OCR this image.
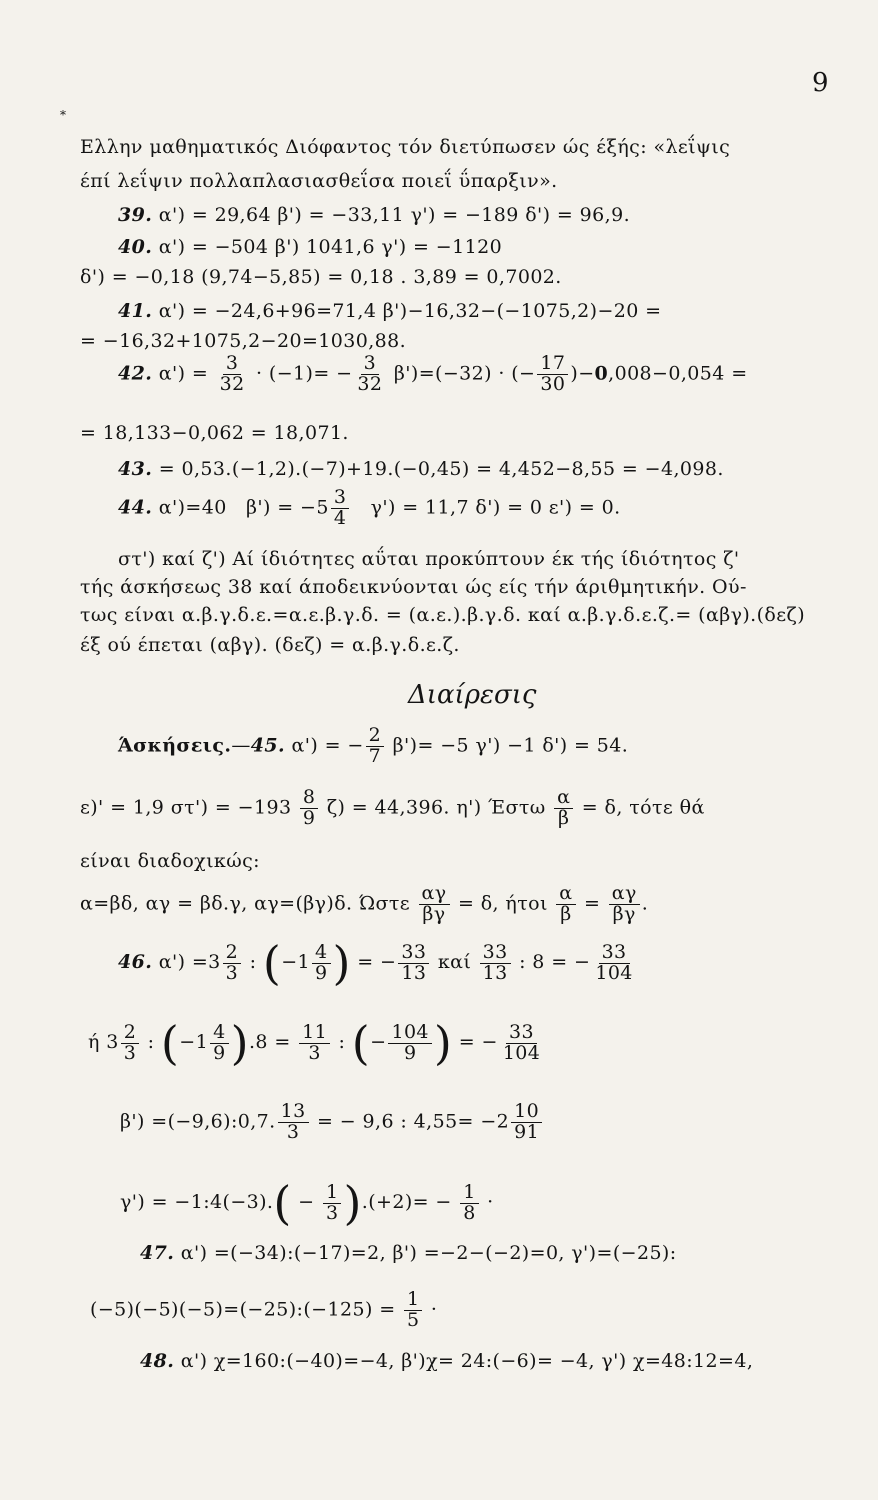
9
*
Ελλην μαθηματικός Διόφαντος τόν διετύπωσεν ώς έξής: «λεΐψις
έπί λεΐψιν πολλαπλασιασθεΐσα ποιεΐ ΰπαρξιν».
39. α') = 29,64 β') = −33,11 γ') = −189 δ') = 96,9.
40. α') = −504 β') 1041,6 γ') = −1120
δ') = −0,18 (9,74−5,85) = 0,18 . 3,89 = 0,7002.
41. α') = −24,6+96=71,4 β')−16,32−(−1075,2)−20 =
= −16,32+1075,2−20=1030,88.
42. $\alpha') = \frac{3}{32} \cdot (-1)= - \frac{3}{32} \beta')=(-32)$ · (− $\frac{17}{30} )-0,008-0,054$ =
= 18,133−0,062 = 18,071.
43. = 0,53.(−1,2).(−7)+19.(−0,45) = 4,452−8,55 = −4,098.
44. α')=40 $\beta') = -5 \frac{3}{4} \gamma') = 11,7$ δ') = 0 ε') = 0.
στ') καί ζ') Αί ίδιότητες αΰται προκύπτουν έκ τής ίδιότητος ζ'
τής άσκήσεως 38 καί άποδεικνύονται ώς είς τήν άριθμητικήν. Ού-
τως είναι α.β.γ.δ.ε.=α.ε.β.γ.δ. = (α.ε.).β.γ.δ. καί α.β.γ.δ.ε.ζ.= (αβγ).(δεζ)
έξ ού έπεται (αβγ). (δεζ) = α.β.γ.δ.ε.ζ.
Διαίρεσις
Άσκήσεις.—45. α') = − $\frac{2}{7} \beta')= -5$ γ') −1 δ') = 54.
ε)' = 1,9 $\sigma\tau') = -193 \frac{8}{9} \zeta) = 44,396$. η') Έστω $\frac{\alpha}{\beta} = \delta$, τότε θά
είναι διαδοχικώς:
α=βδ, αγ = βδ.γ, αγ=(βγ)δ. Ώστε $\frac{\alpha\gamma}{\beta\gamma} = \delta$, ήτοι $\frac{\alpha}{\beta} = \frac{\alpha\gamma}{\beta\gamma}$ .
46. $\alpha') =3 \frac{2}{3}$ : ($-1 \frac{4}{9}$ ) = − $\frac{33}{13}$ καί $\frac{33}{13}$ : 8 = − $\frac{33}{104}$
ή $3 \frac{2}{3}$ : $(-1 \frac{4}{9} ).8 = \frac{11}{3}$ : (− $\frac{104}{9}$ ) = − $\frac{33}{104}$
β') =(−9,6):0,7. $\frac{13}{3}$ = − 9,6 : $4,55= -2 \frac{10}{91}$
γ') = −1:4(−3).( − $\frac{1}{3} ).(+2)= - \frac{1}{8}$ ·
47. α') =(−34):(−17)=2, β') =−2−(−2)=0, γ')=(−25):
(−5)(−5)(−5)=(−25):(−125) = $\frac{1}{5}$ ·
48. α') χ=160:(−40)=−4, β')χ= 24:(−6)= −4, γ') χ=48:12=4,
